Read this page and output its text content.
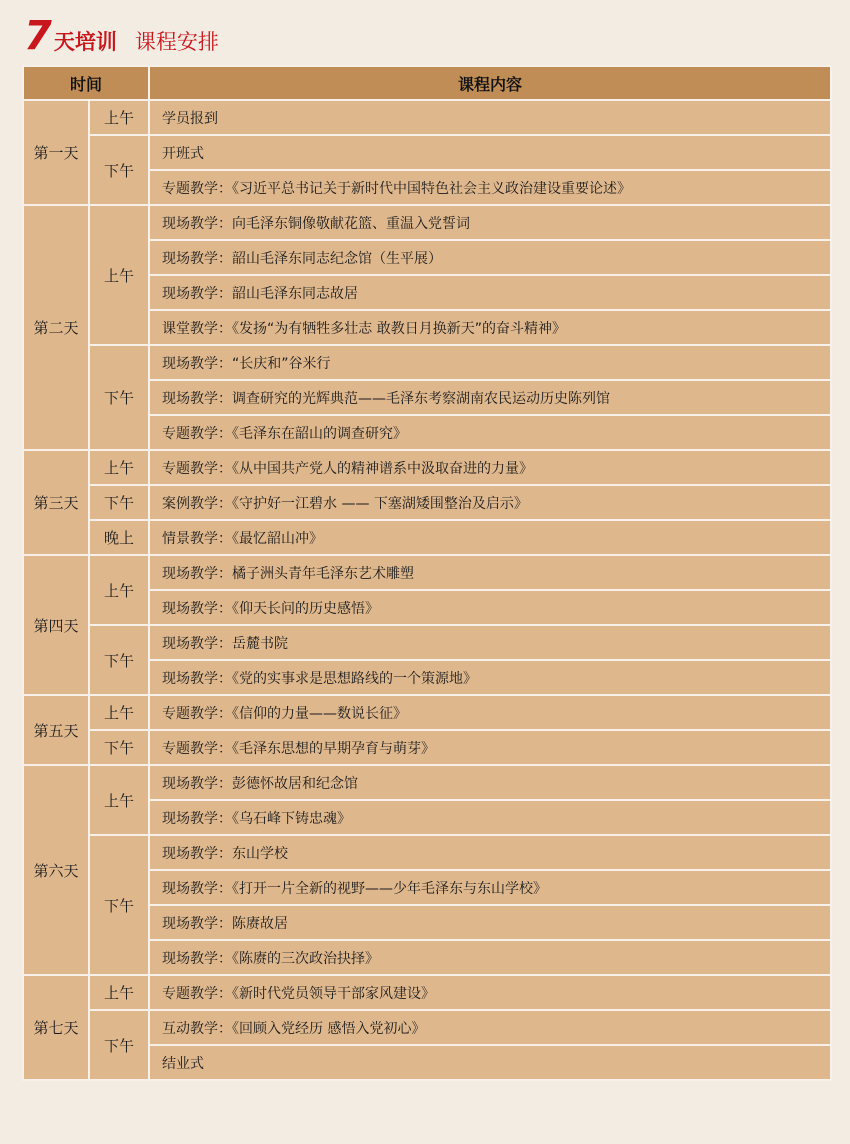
7 天培训 课程安排
时间		课程内容
第一天	上午	学员报到
	下午	开班式
		专题教学：《习近平总书记关于新时代中国特色社会主义政治建设重要论述》
第二天	上午	现场教学：向毛泽东铜像敬献花篮、重温入党誓词
		现场教学：韶山毛泽东同志纪念馆（生平展）
		现场教学：韶山毛泽东同志故居
		课堂教学：《发扬“为有牺牲多壮志 敢教日月换新天”的奋斗精神》
	下午	现场教学：“长庆和”谷米行
		现场教学：调查研究的光辉典范——毛泽东考察湖南农民运动历史陈列馆
		专题教学：《毛泽东在韶山的调查研究》
第三天	上午	专题教学：《从中国共产党人的精神谱系中汲取奋进的力量》
	下午	案例教学：《守护好一江碧水 —— 下塞湖矮围整治及启示》
	晚上	情景教学：《最忆韶山冲》
第四天	上午	现场教学：橘子洲头青年毛泽东艺术雕塑
		现场教学：《仰天长问的历史感悟》
	下午	现场教学：岳麓书院
		现场教学：《党的实事求是思想路线的一个策源地》
第五天	上午	专题教学：《信仰的力量——数说长征》
	下午	专题教学：《毛泽东思想的早期孕育与萌芽》
第六天	上午	现场教学：彭德怀故居和纪念馆
		现场教学：《乌石峰下铸忠魂》
	下午	现场教学：东山学校
		现场教学：《打开一片全新的视野——少年毛泽东与东山学校》
		现场教学：陈赓故居
		现场教学：《陈赓的三次政治抉择》
第七天	上午	专题教学：《新时代党员领导干部家风建设》
	下午	互动教学：《回顾入党经历 感悟入党初心》
		结业式
